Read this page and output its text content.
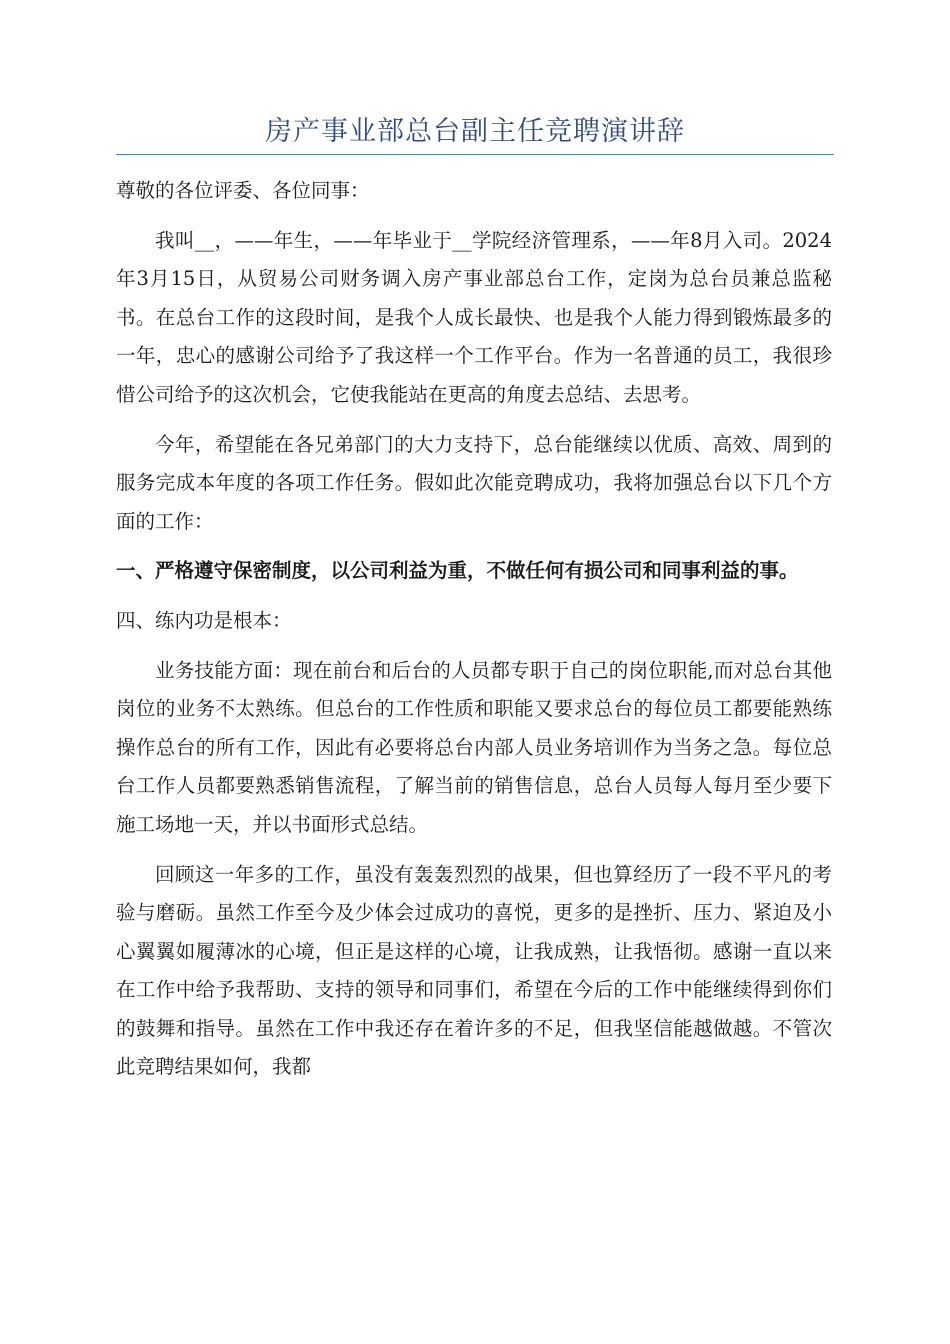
房产事业部总台副主任竞聘演讲辞

尊敬的各位评委、各位同事：

我叫__，——年生，——年毕业于__学院经济管理系，——年8月入司。2024年3月15日，从贸易公司财务调入房产事业部总台工作，定岗为总台员兼总监秘书。在总台工作的这段时间，是我个人成长最快、也是我个人能力得到锻炼最多的一年，忠心的感谢公司给予了我这样一个工作平台。作为一名普通的员工，我很珍惜公司给予的这次机会，它使我能站在更高的角度去总结、去思考。

今年，希望能在各兄弟部门的大力支持下，总台能继续以优质、高效、周到的服务完成本年度的各项工作任务。假如此次能竞聘成功，我将加强总台以下几个方面的工作：

一、严格遵守保密制度，以公司利益为重，不做任何有损公司和同事利益的事。

四、练内功是根本：

业务技能方面：现在前台和后台的人员都专职于自己的岗位职能,而对总台其他岗位的业务不太熟练。但总台的工作性质和职能又要求总台的每位员工都要能熟练操作总台的所有工作，因此有必要将总台内部人员业务培训作为当务之急。每位总台工作人员都要熟悉销售流程，了解当前的销售信息，总台人员每人每月至少要下施工场地一天，并以书面形式总结。

回顾这一年多的工作，虽没有轰轰烈烈的战果，但也算经历了一段不平凡的考验与磨砺。虽然工作至今及少体会过成功的喜悦，更多的是挫折、压力、紧迫及小心翼翼如履薄冰的心境，但正是这样的心境，让我成熟，让我悟彻。感谢一直以来在工作中给予我帮助、支持的领导和同事们，希望在今后的工作中能继续得到你们的鼓舞和指导。虽然在工作中我还存在着许多的不足，但我坚信能越做越。不管次此竞聘结果如何，我都
